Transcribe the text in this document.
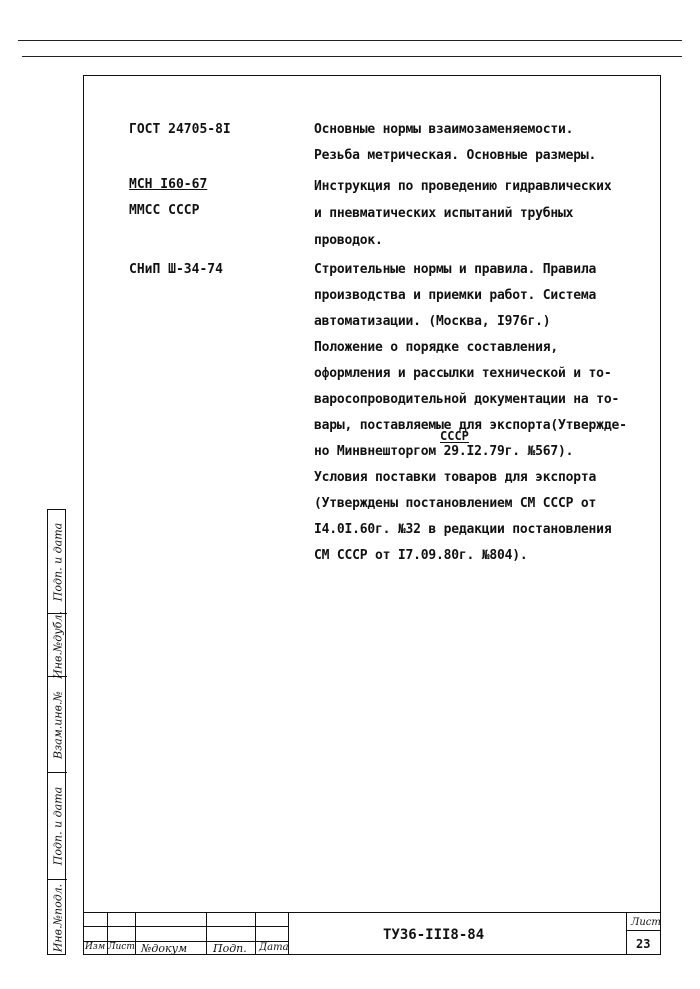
ГОСТ 24705-8I	Основные нормы взаимозаменяемости.
Резьба метрическая. Основные размеры.
МСН I60-67
ММСС СССР
Инструкция по проведению гидравлических
и пневматических испытаний трубных
проводок.
СНиП Ш-34-74	Строительные нормы и правила. Правила
производства и приемки работ. Система
автоматизации. (Москва, I976г.)
Положение о порядке составления,
оформления и рассылки технической и то-
варосопроводительной документации на то-
вары, поставляемые для экспорта(Утвержде-
СССР
но Минвнешторгом 29.I2.79г. №567).
Условия поставки товаров для экспорта
(Утверждены постановлением СМ СССР от
I4.0I.60г. №32 в редакции постановления
СМ СССР от I7.09.80г. №804).
Подп. и дата
Инв.№дубл.
Взам.инв.№
Подп. и дата
Инв.№подл. Изм Лист №докум Подп. Дата
ТУ36-III8-84
Лист
23
